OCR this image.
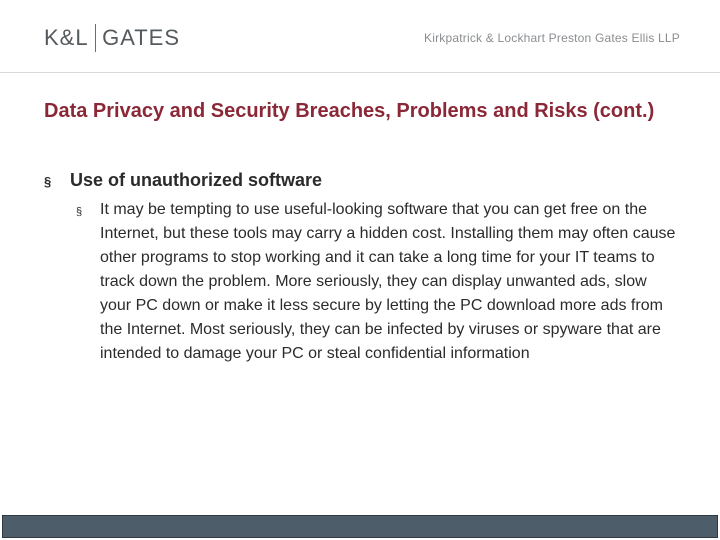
K&L GATES	Kirkpatrick & Lockhart Preston Gates Ellis LLP
Data Privacy and Security Breaches, Problems and Risks (cont.)
§	Use of unauthorized software
§	It may be tempting to use useful-looking software that you can get free on the Internet, but these tools may carry a hidden cost. Installing them may often cause other programs to stop working and it can take a long time for your IT teams to track down the problem. More seriously, they can display unwanted ads, slow your PC down or make it less secure by letting the PC download more ads from the Internet. Most seriously, they can be infected by viruses or spyware that are intended to damage your PC or steal confidential information
